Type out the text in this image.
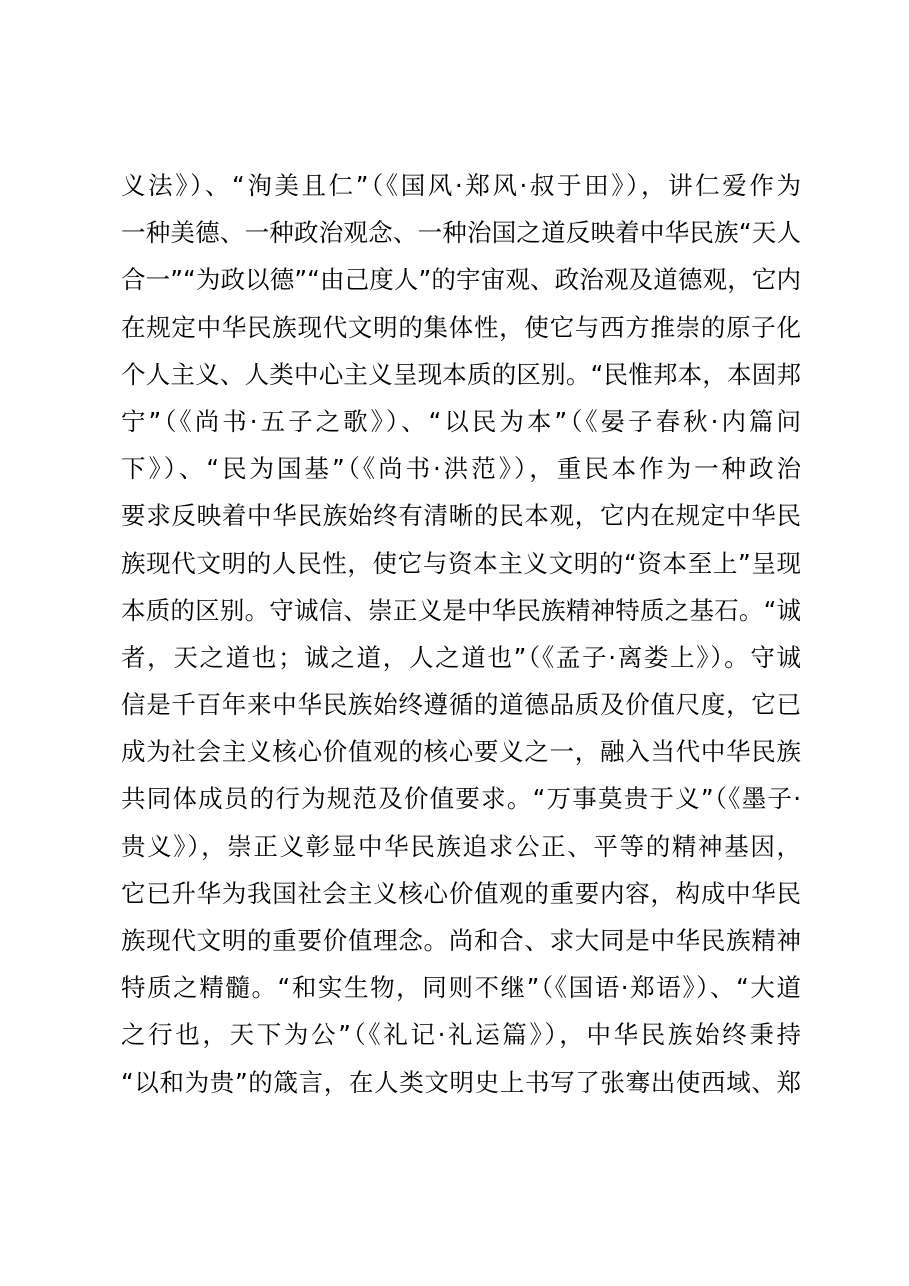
义法》）、“洵美且仁”（《国风·郑风·叔于田》），讲仁爱作为
一种美德、一种政治观念、一种治国之道反映着中华民族“天人
合一”“为政以德”“由己度人”的宇宙观、政治观及道德观，它内
在规定中华民族现代文明的集体性，使它与西方推崇的原子化
个人主义、人类中心主义呈现本质的区别。“民惟邦本，本固邦
宁”（《尚书·五子之歌》）、“以民为本”（《晏子春秋·内篇问
下》）、“民为国基”（《尚书·洪范》），重民本作为一种政治
要求反映着中华民族始终有清晰的民本观，它内在规定中华民
族现代文明的人民性，使它与资本主义文明的“资本至上”呈现
本质的区别。守诚信、崇正义是中华民族精神特质之基石。“诚
者，天之道也；诚之道，人之道也”（《孟子·离娄上》）。守诚
信是千百年来中华民族始终遵循的道德品质及价值尺度，它已
成为社会主义核心价值观的核心要义之一，融入当代中华民族
共同体成员的行为规范及价值要求。“万事莫贵于义”（《墨子·
贵义》），崇正义彰显中华民族追求公正、平等的精神基因，
它已升华为我国社会主义核心价值观的重要内容，构成中华民
族现代文明的重要价值理念。尚和合、求大同是中华民族精神
特质之精髓。“和实生物，同则不继”（《国语·郑语》）、“大道
之行也，天下为公”（《礼记·礼运篇》），中华民族始终秉持
“以和为贵”的箴言，在人类文明史上书写了张骞出使西域、郑
